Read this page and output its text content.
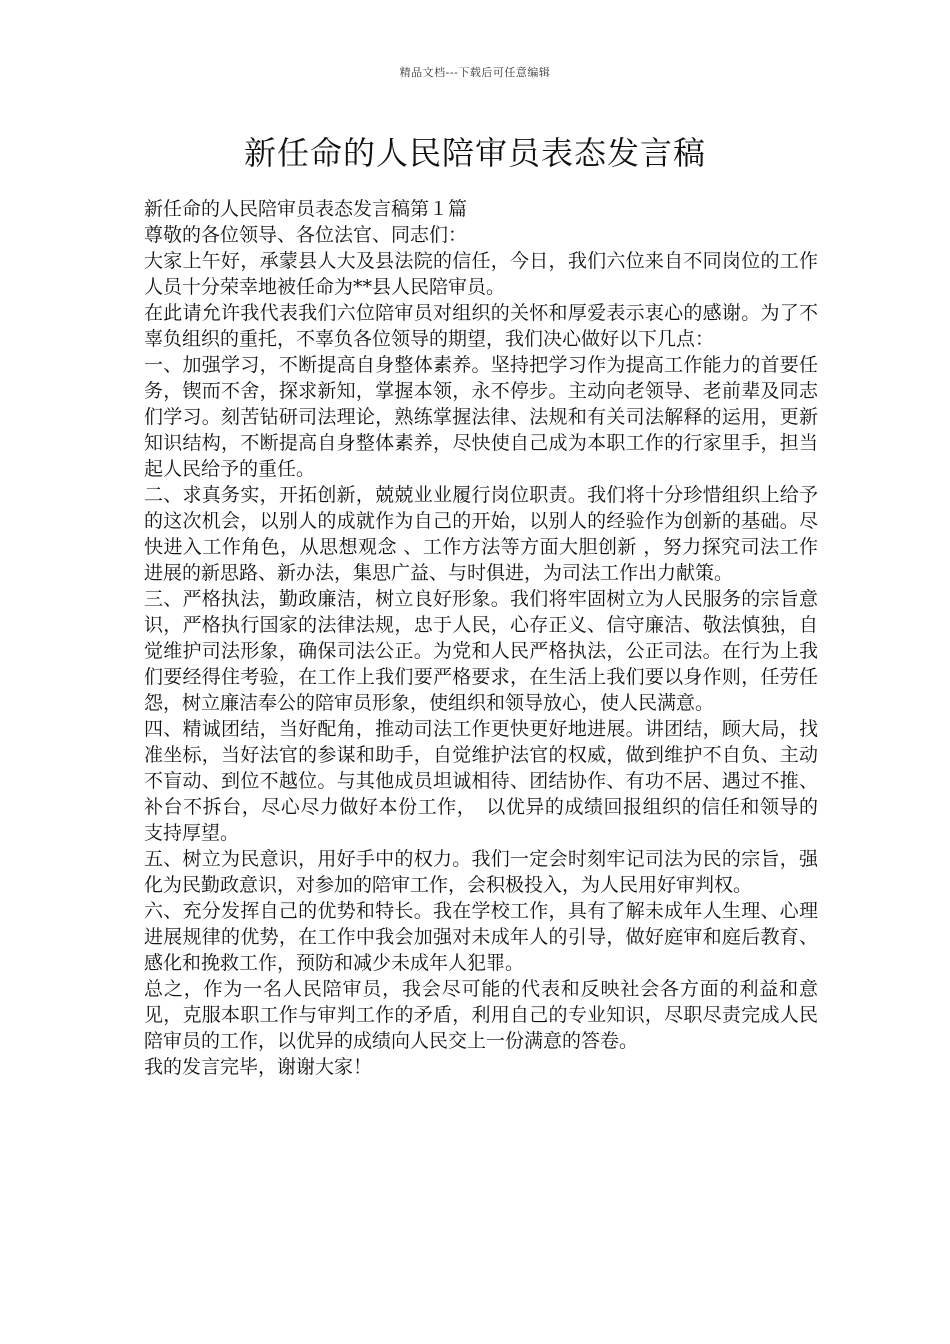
精品文档---下载后可任意编辑
新任命的人民陪审员表态发言稿

新任命的人民陪审员表态发言稿第１篇

尊敬的各位领导、各位法官、同志们：

大家上午好，承蒙县人大及县法院的信任，今日，我们六位来自不同岗位的工作人员十分荣幸地被任命为**县人民陪审员。

在此请允许我代表我们六位陪审员对组织的关怀和厚爱表示衷心的感谢。为了不辜负组织的重托，不辜负各位领导的期望，我们决心做好以下几点：

一、加强学习，不断提高自身整体素养。坚持把学习作为提高工作能力的首要任务，锲而不舍，探求新知，掌握本领，永不停步。主动向老领导、老前辈及同志们学习。刻苦钻研司法理论，熟练掌握法律、法规和有关司法解释的运用，更新知识结构，不断提高自身整体素养，尽快使自己成为本职工作的行家里手，担当起人民给予的重任。

二、求真务实，开拓创新，兢兢业业履行岗位职责。我们将十分珍惜组织上给予的这次机会，以别人的成就作为自己的开始，以别人的经验作为创新的基础。尽快进入工作角色，从思想观念 、工作方法等方面大胆创新 ，努力探究司法工作进展的新思路、新办法，集思广益、与时俱进，为司法工作出力献策。

三、严格执法，勤政廉洁，树立良好形象。我们将牢固树立为人民服务的宗旨意识，严格执行国家的法律法规，忠于人民，心存正义、信守廉洁、敬法慎独，自觉维护司法形象，确保司法公正。为党和人民严格执法，公正司法。在行为上我们要经得住考验，在工作上我们要严格要求，在生活上我们要以身作则，任劳任怨，树立廉洁奉公的陪审员形象，使组织和领导放心，使人民满意。

四、精诚团结，当好配角，推动司法工作更快更好地进展。讲团结，顾大局，找准坐标，当好法官的参谋和助手，自觉维护法官的权威，做到维护不自负、主动不盲动、到位不越位。与其他成员坦诚相待、团结协作、有功不居、遇过不推、补台不拆台，尽心尽力做好本份工作，　以优异的成绩回报组织的信任和领导的支持厚望。

五、树立为民意识，用好手中的权力。我们一定会时刻牢记司法为民的宗旨，强化为民勤政意识，对参加的陪审工作，会积极投入，为人民用好审判权。

六、充分发挥自己的优势和特长。我在学校工作，具有了解未成年人生理、心理进展规律的优势，在工作中我会加强对未成年人的引导，做好庭审和庭后教育、感化和挽救工作，预防和减少未成年人犯罪。

总之，作为一名人民陪审员，我会尽可能的代表和反映社会各方面的利益和意见，克服本职工作与审判工作的矛盾，利用自己的专业知识，尽职尽责完成人民陪审员的工作，以优异的成绩向人民交上一份满意的答卷。

我的发言完毕，谢谢大家！
